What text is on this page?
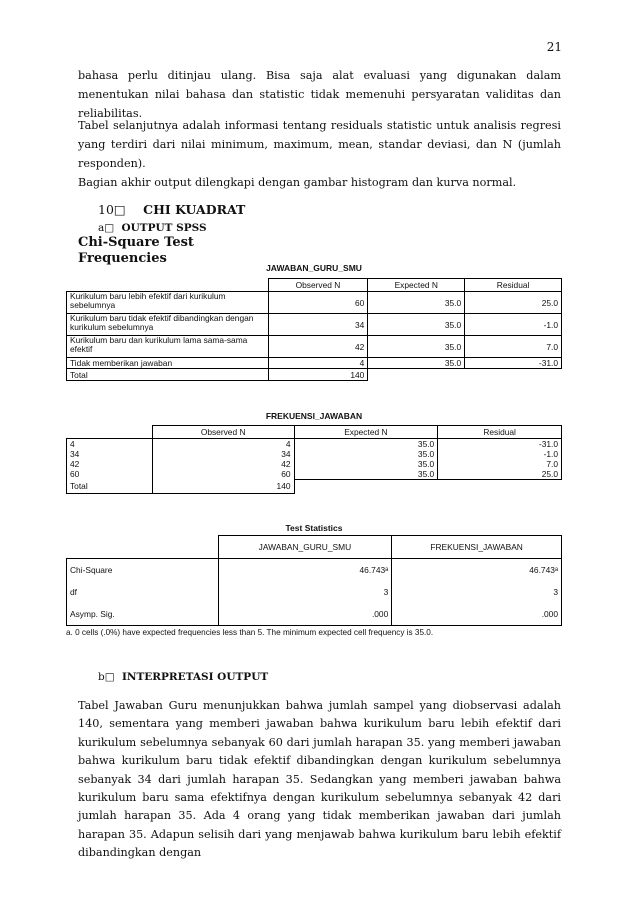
21

bahasa perlu ditinjau ulang. Bisa saja alat evaluasi yang digunakan dalam menentukan nilai bahasa dan statistic tidak memenuhi persyaratan validitas dan reliabilitas.

Tabel selanjutnya adalah informasi tentang residuals statistic untuk analisis regresi yang terdiri dari nilai minimum, maximum, mean, standar deviasi, dan N (jumlah responden).

Bagian akhir output dilengkapi dengan gambar histogram dan kurva normal.

10□ CHI KUADRAT
a□ OUTPUT SPSS
Chi-Square Test
Frequencies
JAWABAN_GURU_SMU
	Observed N	Expected N	Residual
Kurikulum baru lebih efektif dari kurikulum sebelumnya	60	35.0	25.0
Kurikulum baru tidak efektif dibandingkan dengan kurikulum sebelumnya	34	35.0	-1.0
Kurikulum baru dan kurikulum lama sama-sama efektif	42	35.0	7.0
Tidak memberikan jawaban	4	35.0	-31.0
Total	140		
FREKUENSI_JAWABAN
	Observed N	Expected N	Residual
4	4	35.0	-31.0
34	34	35.0	-1.0
42	42	35.0	7.0
60	60	35.0	25.0
Total	140		
Test Statistics
	JAWABAN_GURU_SMU	FREKUENSI_JAWABAN
Chi-Square	46.743ᵃ	46.743ᵃ
df	3	3
Asymp. Sig.	.000	.000
a. 0 cells (.0%) have expected frequencies less than 5. The minimum expected cell frequency is 35.0.
b□ INTERPRETASI OUTPUT

Tabel Jawaban Guru menunjukkan bahwa jumlah sampel yang diobservasi adalah 140, sementara yang memberi jawaban bahwa kurikulum baru lebih efektif dari kurikulum sebelumnya sebanyak 60 dari jumlah harapan 35. yang memberi jawaban bahwa kurikulum baru tidak efektif dibandingkan dengan kurikulum sebelumnya sebanyak 34 dari jumlah harapan 35. Sedangkan yang memberi jawaban bahwa kurikulum baru sama efektifnya dengan kurikulum sebelumnya sebanyak 42 dari jumlah harapan 35. Ada 4 orang yang tidak memberikan jawaban dari jumlah harapan 35. Adapun selisih dari yang menjawab bahwa kurikulum baru lebih efektif dibandingkan dengan
